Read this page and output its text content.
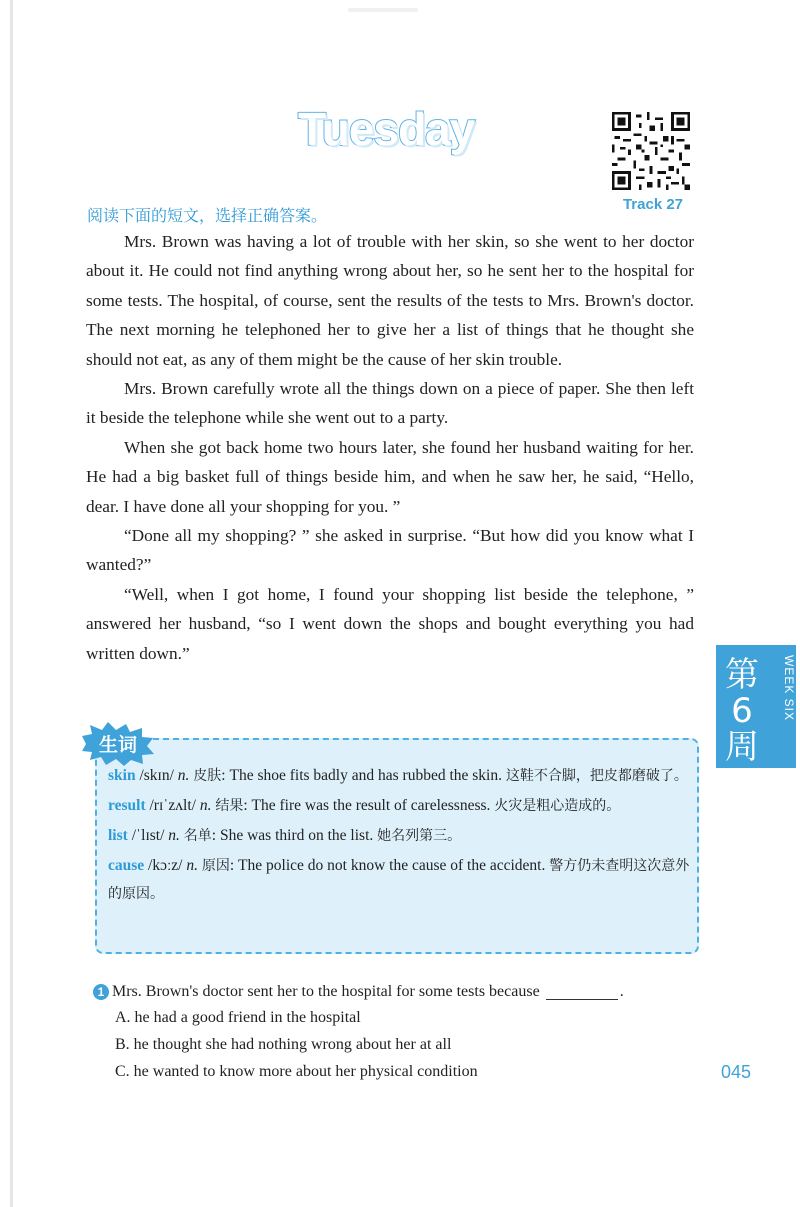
Tuesday
Track 27
阅读下面的短文，选择正确答案。

Mrs. Brown was having a lot of trouble with her skin, so she went to her doctor about it. He could not find anything wrong about her, so he sent her to the hospital for some tests. The hospital, of course, sent the results of the tests to Mrs. Brown's doctor. The next morning he telephoned her to give her a list of things that he thought she should not eat, as any of them might be the cause of her skin trouble.

Mrs. Brown carefully wrote all the things down on a piece of paper. She then left it beside the telephone while she went out to a party.

When she got back home two hours later, she found her husband waiting for her. He had a big basket full of things beside him, and when he saw her, he said, “Hello, dear. I have done all your shopping for you. ”

“Done all my shopping? ” she asked in surprise. “But how did you know what I wanted?”

“Well, when I got home, I found your shopping list beside the telephone, ” answered her husband, “so I went down the shops and bought everything you had written down.”

第6周
WEEK SIX
生词
skin /skɪn/ n. 皮肤: The shoe fits badly and has rubbed the skin. 这鞋不合脚，把皮都磨破了。
result /rɪˈzʌlt/ n. 结果: The fire was the result of carelessness. 火灾是粗心造成的。
list /ˈlɪst/ n. 名单: She was third on the list. 她名列第三。
cause /kɔːz/ n. 原因: The police do not know the cause of the accident. 警方仍未查明这次意外的原因。
1 Mrs. Brown's doctor sent her to the hospital for some tests because	.
A. he had a good friend in the hospital
B. he thought she had nothing wrong about her at all
C. he wanted to know more about her physical condition	045
